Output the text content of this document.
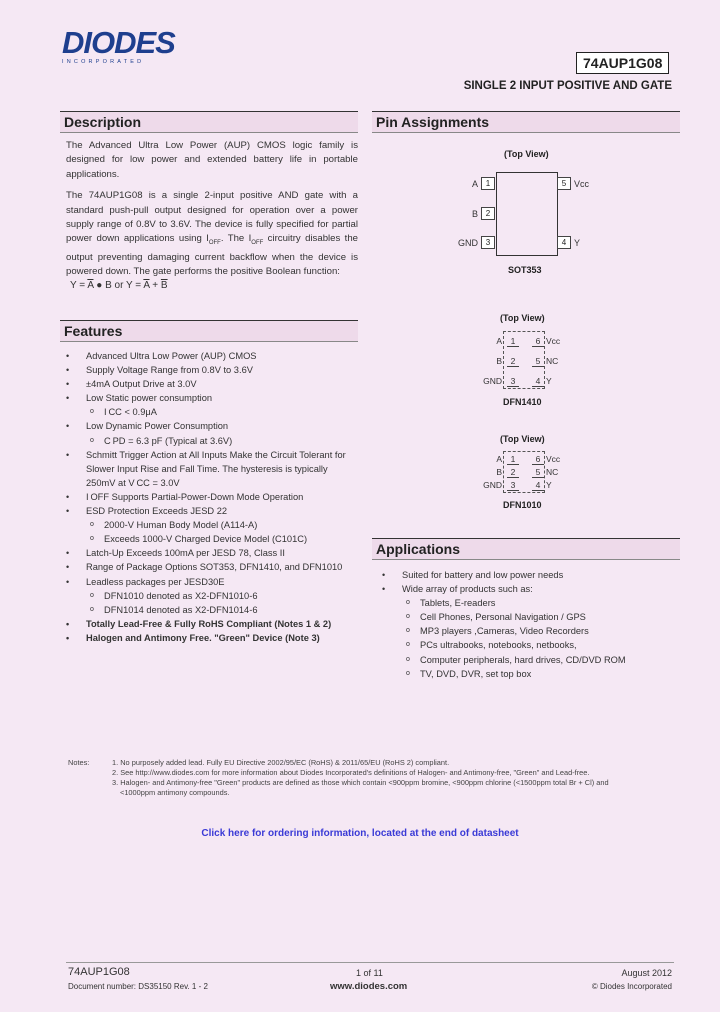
DIODES
INCORPORATED	74AUP1G08
SINGLE 2 INPUT POSITIVE AND GATE
Description
The Advanced Ultra Low Power (AUP) CMOS logic family is designed for low power and extended battery life in portable applications.
The 74AUP1G08 is a single 2-input positive AND gate with a standard push-pull output designed for operation over a power supply range of 0.8V to 3.6V. The device is fully specified for partial power down applications using $I_{OFF}$. The $I_{OFF}$ circuitry disables the output preventing damaging current backflow when the device is powered down. The gate performs the positive Boolean function:
$Y = \overline{A}$ ● B or $Y = \overline{A} + \overline{B}$
Features
• Advanced Ultra Low Power (AUP) CMOS
• Supply Voltage Range from 0.8V to 3.6V
• ±4mA Output Drive at 3.0V
• Low Static power consumption
o I CC < 0.9μA
• Low Dynamic Power Consumption
o C PD = 6.3 pF (Typical at 3.6V)
• Schmitt Trigger Action at All Inputs Make the Circuit Tolerant for
Slower Input Rise and Fall Time. The hysteresis is typically
250mV at V CC = 3.0V
• I OFF Supports Partial-Power-Down Mode Operation
• ESD Protection Exceeds JESD 22
o 2000-V Human Body Model (A114-A)
o Exceeds 1000-V Charged Device Model (C101C)
• Latch-Up Exceeds 100mA per JESD 78, Class II
• Range of Package Options SOT353, DFN1410, and DFN1010
• Leadless packages per JESD30E
o DFN1010 denoted as X2-DFN1010-6
o DFN1014 denoted as X2-DFN1014-6
• Totally Lead-Free & Fully RoHS Compliant (Notes 1 & 2)
• Halogen and Antimony Free. "Green" Device (Note 3)
Pin Assignments
(Top View)
A 1
B 2
GND 3
5 Vcc
4 Y
SOT353
(Top View)
A	1	6 Vcc
B	2	5 NC
GND	3	4 Y
DFN1410
(Top View)
A	1	6 Vcc
B	2	5 NC
GND	3	4 Y
DFN1010
Applications
• Suited for battery and low power needs
• Wide array of products such as:
o Tablets, E-readers
o Cell Phones, Personal Navigation / GPS
o MP3 players ,Cameras, Video Recorders
o PCs ultrabooks, notebooks, netbooks,
o Computer peripherals, hard drives, CD/DVD ROM
o TV, DVD, DVR, set top box
Notes:	1. No purposely added lead. Fully EU Directive 2002/95/EC (RoHS) & 2011/65/EU (RoHS 2) compliant.
2. See http://www.diodes.com for more information about Diodes Incorporated's definitions of Halogen- and Antimony-free, "Green" and Lead-free.
3. Halogen- and Antimony-free "Green" products are defined as those which contain <900ppm bromine, <900ppm chlorine (<1500ppm total Br + Cl) and
<1000ppm antimony compounds.
Click here for ordering information, located at the end of datasheet
74AUP1G08
Document number: DS35150 Rev. 1 - 2
1 of 11
www.diodes.com
August 2012
© Diodes Incorporated
